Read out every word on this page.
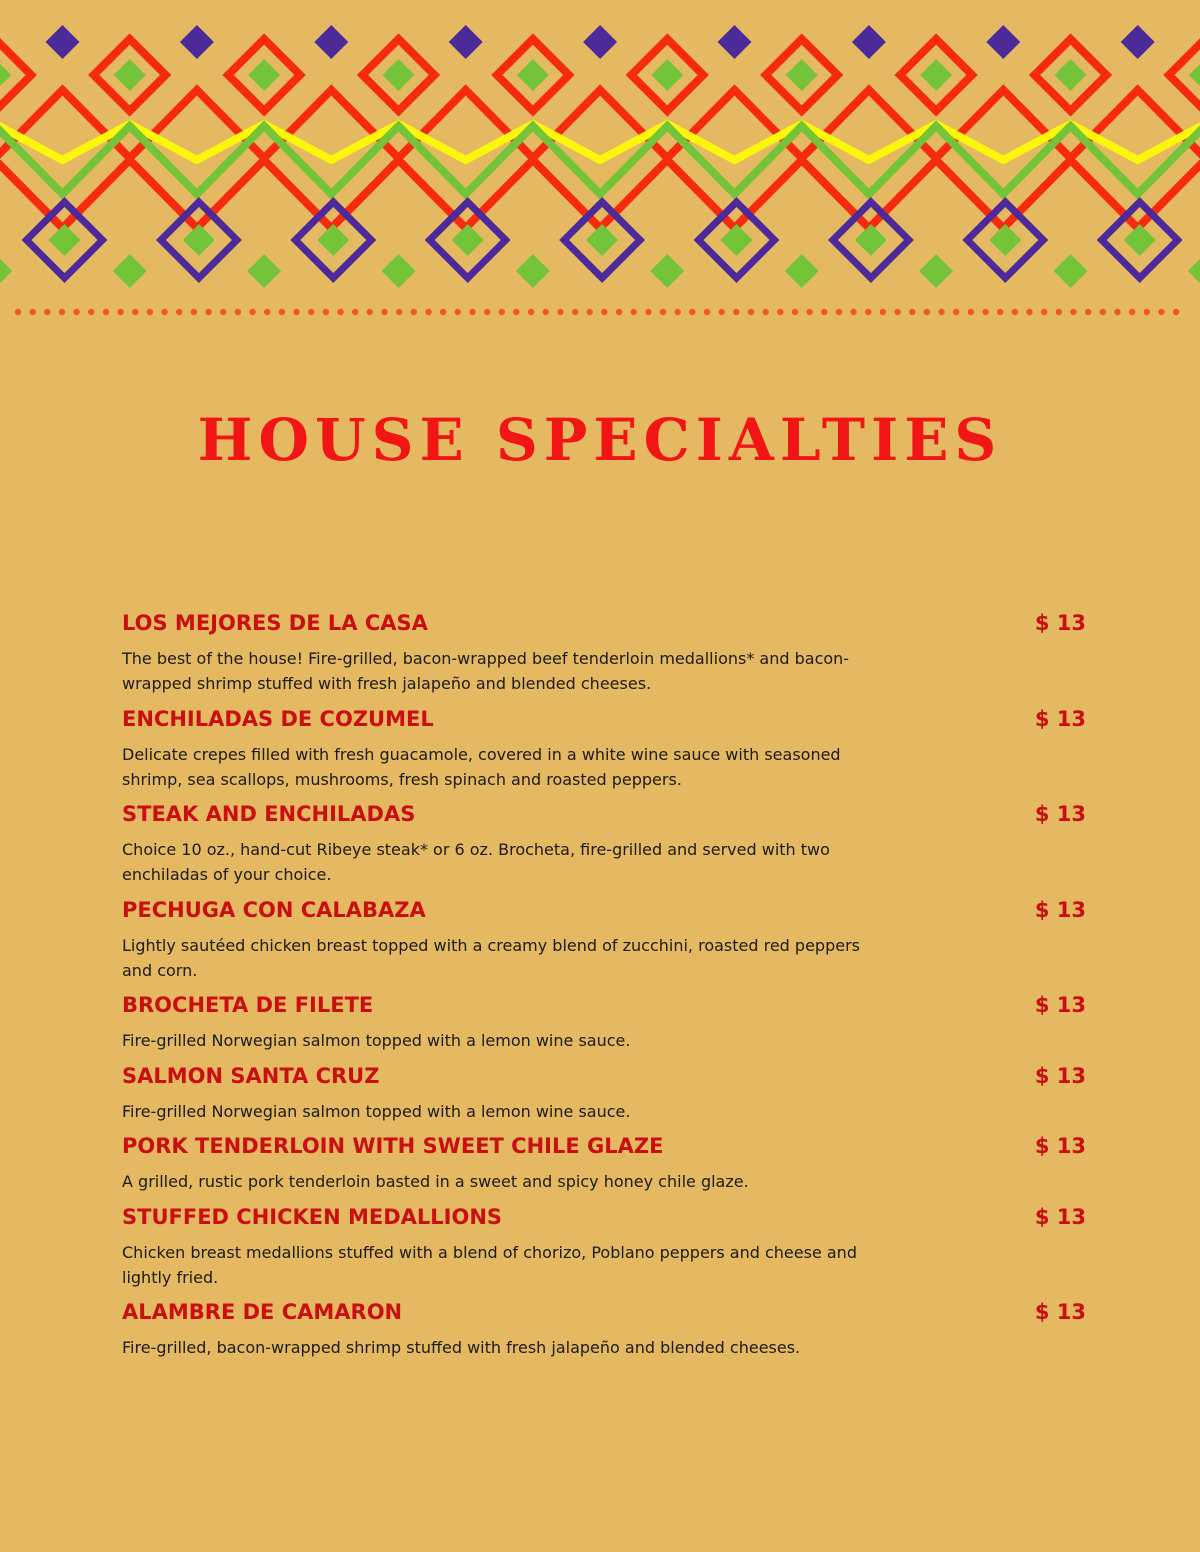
HOUSE SPECIALTIES
LOS MEJORES DE LA CASA	$ 13
The best of the house! Fire-grilled, bacon-wrapped beef tenderloin medallions* and bacon-wrapped shrimp stuffed with fresh jalapeño and blended cheeses.
ENCHILADAS DE COZUMEL	$ 13
Delicate crepes filled with fresh guacamole, covered in a white wine sauce with seasoned shrimp, sea scallops, mushrooms, fresh spinach and roasted peppers.
STEAK AND ENCHILADAS	$ 13
Choice 10 oz., hand-cut Ribeye steak* or 6 oz. Brocheta, fire-grilled and served with two enchiladas of your choice.
PECHUGA CON CALABAZA	$ 13
Lightly sautéed chicken breast topped with a creamy blend of zucchini, roasted red peppers and corn.
BROCHETA DE FILETE	$ 13
Fire-grilled Norwegian salmon topped with a lemon wine sauce.
SALMON SANTA CRUZ	$ 13
Fire-grilled Norwegian salmon topped with a lemon wine sauce.
PORK TENDERLOIN WITH SWEET CHILE GLAZE	$ 13
A grilled, rustic pork tenderloin basted in a sweet and spicy honey chile glaze.
STUFFED CHICKEN MEDALLIONS	$ 13
Chicken breast medallions stuffed with a blend of chorizo, Poblano peppers and cheese and lightly fried.
ALAMBRE DE CAMARON	$ 13
Fire-grilled, bacon-wrapped shrimp stuffed with fresh jalapeño and blended cheeses.
